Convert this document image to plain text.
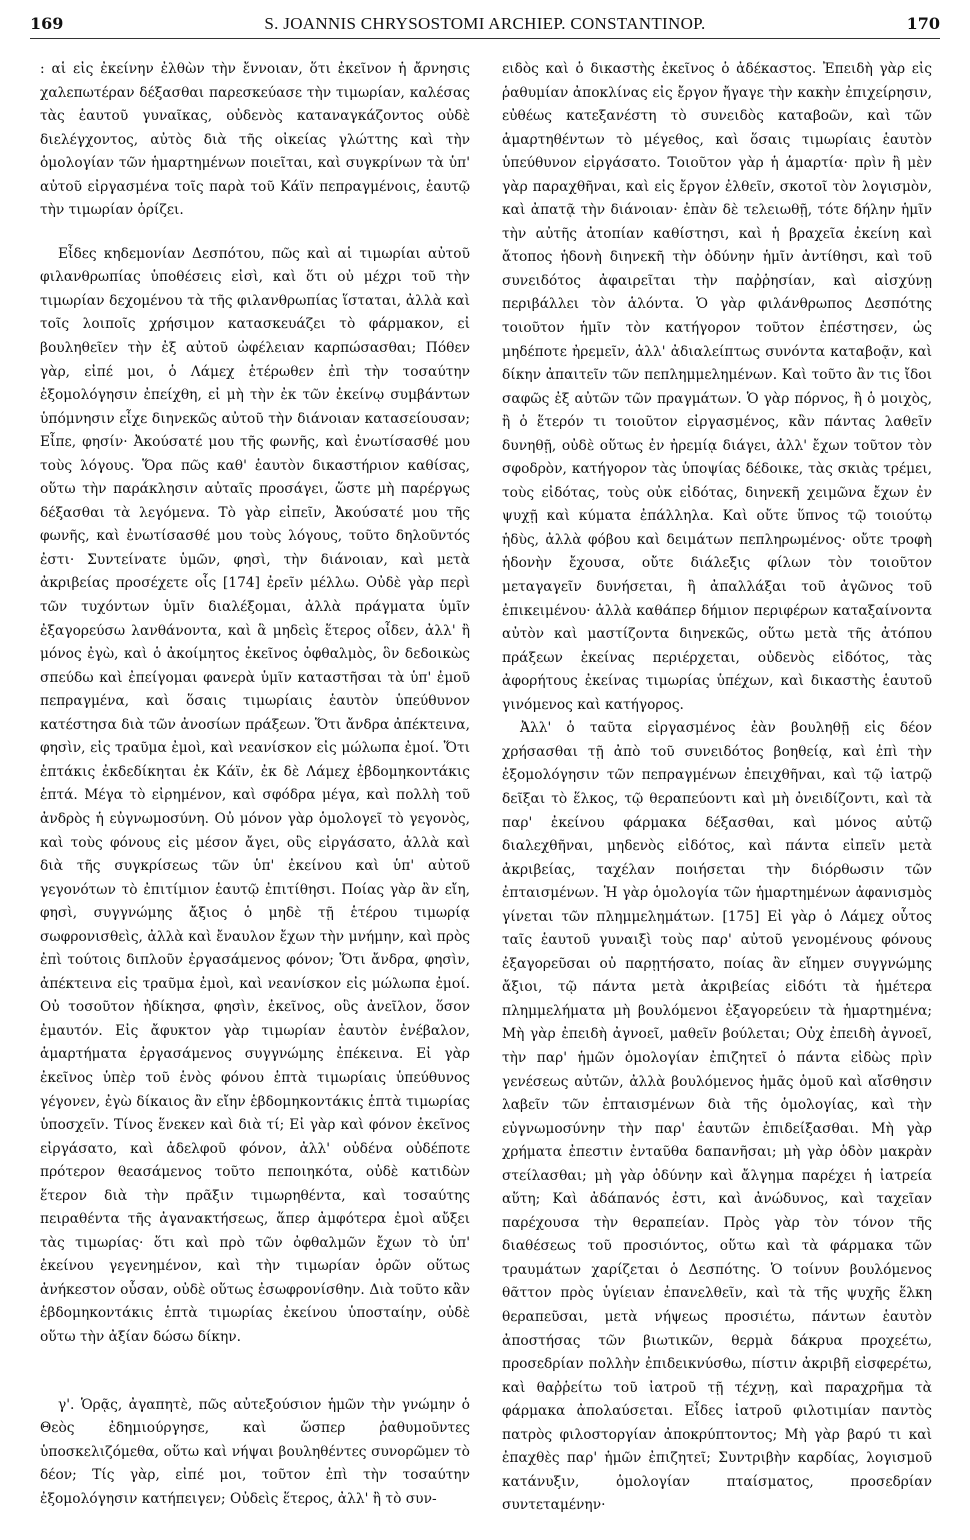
169	S. JOANNIS CHRYSOSTOMI ARCHIEP. CONSTANTINOP.	170

: αἱ εἰς ἐκείνην ἐλθὼν τὴν ἔννοιαν, ὅτι ἐκεῖνον ἡ ἄρνησις χαλεπωτέραν δέξασθαι παρεσκεύασε τὴν τιμωρίαν, καλέσας τὰς ἑαυτοῦ γυναῖκας, οὐδενὸς καταναγκάζοντος οὐδὲ διελέγχοντος, αὐτὸς διὰ τῆς οἰκείας γλώττης καὶ τὴν ὁμολογίαν τῶν ἡμαρτημένων ποιεῖται, καὶ συγκρίνων τὰ ὑπ' αὐτοῦ εἰργασμένα τοῖς παρὰ τοῦ Κάϊν πεπραγμένοις, ἑαυτῷ τὴν τιμωρίαν ὁρίζει.

Εἶδες κηδεμονίαν Δεσπότου, πῶς καὶ αἱ τιμωρίαι αὐτοῦ φιλανθρωπίας ὑποθέσεις εἰσὶ, καὶ ὅτι οὐ μέχρι τοῦ τὴν τιμωρίαν δεχομένου τὰ τῆς φιλανθρωπίας ἵσταται, ἀλλὰ καὶ τοῖς λοιποῖς χρήσιμον κατασκευάζει τὸ φάρμακον, εἰ βουληθεῖεν τὴν ἐξ αὐτοῦ ὠφέλειαν καρπώσασθαι; Πόθεν γὰρ, εἰπέ μοι, ὁ Λάμεχ ἑτέρωθεν ἐπὶ τὴν τοσαύτην ἐξομολόγησιν ἐπείχθη, εἰ μὴ τὴν ἐκ τῶν ἐκείνῳ συμβάντων ὑπόμνησιν εἶχε διηνεκῶς αὐτοῦ τὴν διάνοιαν κατασείουσαν; Εἶπε, φησίν· Ἀκούσατέ μου τῆς φωνῆς, καὶ ἐνωτίσασθέ μου τοὺς λόγους. Ὅρα πῶς καθ' ἑαυτὸν δικαστήριον καθίσας, οὕτω τὴν παράκλησιν αὐταῖς προσάγει, ὥστε μὴ παρέργως δέξασθαι τὰ λεγόμενα. Τὸ γὰρ εἰπεῖν, Ἀκούσατέ μου τῆς φωνῆς, καὶ ἐνωτίσασθέ μου τοὺς λόγους, τοῦτο δηλοῦντός ἐστι· Συντείνατε ὑμῶν, φησὶ, τὴν διάνοιαν, καὶ μετὰ ἀκριβείας προσέχετε οἷς [174] ἐρεῖν μέλλω. Οὐδὲ γὰρ περὶ τῶν τυχόντων ὑμῖν διαλέξομαι, ἀλλὰ πράγματα ὑμῖν ἐξαγορεύσω λανθάνοντα, καὶ ἃ μηδεὶς ἕτερος οἶδεν, ἀλλ' ἢ μόνος ἐγὼ, καὶ ὁ ἀκοίμητος ἐκεῖνος ὀφθαλμὸς, ὃν δεδοικὼς σπεύδω καὶ ἐπείγομαι φανερὰ ὑμῖν καταστῆσαι τὰ ὑπ' ἐμοῦ πεπραγμένα, καὶ ὅσαις τιμωρίαις ἑαυτὸν ὑπεύθυνον κατέστησα διὰ τῶν ἀνοσίων πράξεων. Ὅτι ἄνδρα ἀπέκτεινα, φησὶν, εἰς τραῦμα ἐμοὶ, καὶ νεανίσκον εἰς μώλωπα ἐμοί. Ὅτι ἑπτάκις ἐκδεδίκηται ἐκ Κάϊν, ἐκ δὲ Λάμεχ ἑβδομηκοντάκις ἑπτά. Μέγα τὸ εἰρημένον, καὶ σφόδρα μέγα, καὶ πολλὴ τοῦ ἀνδρὸς ἡ εὐγνωμοσύνη. Οὐ μόνον γὰρ ὁμολογεῖ τὸ γεγονὸς, καὶ τοὺς φόνους εἰς μέσον ἄγει, οὓς εἰργάσατο, ἀλλὰ καὶ διὰ τῆς συγκρίσεως τῶν ὑπ' ἐκείνου καὶ ὑπ' αὐτοῦ γεγονότων τὸ ἐπιτίμιον ἑαυτῷ ἐπιτίθησι. Ποίας γὰρ ἂν εἴη, φησὶ, συγγνώμης ἄξιος ὁ μηδὲ τῇ ἑτέρου τιμωρίᾳ σωφρονισθεὶς, ἀλλὰ καὶ ἔναυλον ἔχων τὴν μνήμην, καὶ πρὸς ἐπὶ τούτοις διπλοῦν ἐργασάμενος φόνον; Ὅτι ἄνδρα, φησὶν, ἀπέκτεινα εἰς τραῦμα ἐμοὶ, καὶ νεανίσκον εἰς μώλωπα ἐμοί. Οὐ τοσοῦτον ἠδίκησα, φησὶν, ἐκεῖνος, οὓς ἀνεῖλον, ὅσον ἐμαυτόν. Εἰς ἄφυκτον γὰρ τιμωρίαν ἐαυτὸν ἐνέβαλον, ἁμαρτήματα ἐργασάμενος συγγνώμης ἐπέκεινα. Εἰ γὰρ ἐκεῖνος ὑπὲρ τοῦ ἑνὸς φόνου ἑπτὰ τιμωρίαις ὑπεύθυνος γέγονεν, ἐγὼ δίκαιος ἂν εἴην ἑβδομηκοντάκις ἑπτὰ τιμωρίας ὑποσχεῖν. Τίνος ἕνεκεν καὶ διὰ τί; Εἰ γὰρ καὶ φόνον ἐκεῖνος εἰργάσατο, καὶ ἀδελφοῦ φόνον, ἀλλ' οὐδένα οὐδέποτε πρότερον θεασάμενος τοῦτο πεποιηκότα, οὐδὲ κατιδὼν ἕτερον διὰ τὴν πρᾶξιν τιμωρηθέντα, καὶ τοσαύτης πειραθέντα τῆς ἀγανακτήσεως, ἅπερ ἀμφότερα ἐμοὶ αὔξει τὰς τιμωρίας· ὅτι καὶ πρὸ τῶν ὀφθαλμῶν ἔχων τὸ ὑπ' ἐκείνου γεγενημένον, καὶ τὴν τιμωρίαν ὁρῶν οὕτως ἀνήκεστον οὖσαν, οὐδὲ οὕτως ἐσωφρονίσθην. Διὰ τοῦτο κἂν ἑβδομηκοντάκις ἑπτὰ τιμωρίας ἐκείνου ὑποσταίην, οὐδὲ οὕτω τὴν ἀξίαν δώσω δίκην.

γ'. Ὁρᾷς, ἀγαπητὲ, πῶς αὐτεξούσιον ἡμῶν τὴν γνώμην ὁ Θεὸς ἐδημιούργησε, καὶ ὥσπερ ῥαθυμοῦντες ὑποσκελιζόμεθα, οὕτω καὶ νήψαι βουληθέντες συνορῶμεν τὸ δέον; Τίς γὰρ, εἰπέ μοι, τοῦτον ἐπὶ τὴν τοσαύτην ἐξομολόγησιν κατήπειγεν; Οὐδεὶς ἕτερος, ἀλλ' ἢ τὸ συν-

ειδὸς καὶ ὁ δικαστὴς ἐκεῖνος ὁ ἀδέκαστος. Ἐπειδὴ γὰρ εἰς ῥαθυμίαν ἀποκλίνας εἰς ἔργον ἤγαγε τὴν κακὴν ἐπιχείρησιν, εὐθέως κατεξανέστη τὸ συνειδὸς καταβοῶν, καὶ τῶν ἁμαρτηθέντων τὸ μέγεθος, καὶ ὅσαις τιμωρίαις ἑαυτὸν ὑπεύθυνον εἰργάσατο. Τοιοῦτον γὰρ ἡ ἁμαρτία· πρὶν ἢ μὲν γὰρ παραχθῆναι, καὶ εἰς ἔργον ἐλθεῖν, σκοτοῖ τὸν λογισμὸν, καὶ ἀπατᾷ τὴν διάνοιαν· ἐπὰν δὲ τελειωθῇ, τότε δήλην ἡμῖν τὴν αὐτῆς ἀτοπίαν καθίστησι, καὶ ἡ βραχεῖα ἐκείνη καὶ ἄτοπος ἡδονὴ διηνεκῆ τὴν ὀδύνην ἡμῖν ἀντίθησι, καὶ τοῦ συνειδότος ἀφαιρεῖται τὴν παῤῥησίαν, καὶ αἰσχύνῃ περιβάλλει τὸν ἁλόντα. Ὁ γὰρ φιλάνθρωπος Δεσπότης τοιοῦτον ἡμῖν τὸν κατήγορον τοῦτον ἐπέστησεν, ὡς μηδέποτε ἠρεμεῖν, ἀλλ' ἀδιαλείπτως συνόντα καταβοᾷν, καὶ δίκην ἀπαιτεῖν τῶν πεπλημμελημένων. Καὶ τοῦτο ἂν τις ἴδοι σαφῶς ἐξ αὐτῶν τῶν πραγμάτων. Ὁ γὰρ πόρνος, ἢ ὁ μοιχὸς, ἢ ὁ ἕτερόν τι τοιοῦτον εἰργασμένος, κἂν πάντας λαθεῖν δυνηθῇ, οὐδὲ οὕτως ἐν ἠρεμίᾳ διάγει, ἀλλ' ἔχων τοῦτον τὸν σφοδρὸν, κατήγορον τὰς ὑποψίας δέδοικε, τὰς σκιὰς τρέμει, τοὺς εἰδότας, τοὺς οὐκ εἰδότας, διηνεκῆ χειμῶνα ἔχων ἐν ψυχῇ καὶ κύματα ἐπάλληλα. Καὶ οὔτε ὕπνος τῷ τοιούτῳ ἡδὺς, ἀλλὰ φόβου καὶ δειμάτων πεπληρωμένος· οὔτε τροφὴ ἡδονὴν ἔχουσα, οὔτε διάλεξις φίλων τὸν τοιοῦτον μεταγαγεῖν δυνήσεται, ἢ ἀπαλλάξαι τοῦ ἀγῶνος τοῦ ἐπικειμένου· ἀλλὰ καθάπερ δήμιον περιφέρων καταξαίνοντα αὐτὸν καὶ μαστίζοντα διηνεκῶς, οὕτω μετὰ τῆς ἀτόπου πράξεων ἐκείνας περιέρχεται, οὐδενὸς εἰδότος, τὰς ἀφορήτους ἐκείνας τιμωρίας ὑπέχων, καὶ δικαστὴς ἑαυτοῦ γινόμενος καὶ κατήγορος.

Ἀλλ' ὁ ταῦτα εἰργασμένος ἐὰν βουληθῇ εἰς δέον χρήσασθαι τῇ ἀπὸ τοῦ συνειδότος βοηθείᾳ, καὶ ἐπὶ τὴν ἐξομολόγησιν τῶν πεπραγμένων ἐπειχθῆναι, καὶ τῷ ἰατρῷ δεῖξαι τὸ ἕλκος, τῷ θεραπεύοντι καὶ μὴ ὀνειδίζοντι, καὶ τὰ παρ' ἐκείνου φάρμακα δέξασθαι, καὶ μόνος αὐτῷ διαλεχθῆναι, μηδενὸς εἰδότος, καὶ πάντα εἰπεῖν μετὰ ἀκριβείας, ταχέλαν ποιήσεται τὴν διόρθωσιν τῶν ἐπταισμένων. Ἡ γὰρ ὁμολογία τῶν ἡμαρτημένων ἀφανισμὸς γίνεται τῶν πλημμελημάτων. [175] Εἰ γὰρ ὁ Λάμεχ οὗτος ταῖς ἑαυτοῦ γυναιξὶ τοὺς παρ' αὐτοῦ γενομένους φόνους ἐξαγορεῦσαι οὐ παρῃτήσατο, ποίας ἂν εἴημεν συγγνώμης ἄξιοι, τῷ πάντα μετὰ ἀκριβείας εἰδότι τὰ ἡμέτερα πλημμελήματα μὴ βουλόμενοι ἐξαγορεύειν τὰ ἡμαρτημένα; Μὴ γὰρ ἐπειδὴ ἀγνοεῖ, μαθεῖν βούλεται; Οὐχ ἐπειδὴ ἀγνοεῖ, τὴν παρ' ἡμῶν ὁμολογίαν ἐπιζητεῖ ὁ πάντα εἰδὼς πρὶν γενέσεως αὐτῶν, ἀλλὰ βουλόμενος ἡμᾶς ὁμοῦ καὶ αἴσθησιν λαβεῖν τῶν ἐπταισμένων διὰ τῆς ὁμολογίας, καὶ τὴν εὐγνωμοσύνην τὴν παρ' ἑαυτῶν ἐπιδείξασθαι. Μὴ γὰρ χρήματα ἐπεστιν ἐνταῦθα δαπανῆσαι; μὴ γὰρ ὁδὸν μακρὰν στείλασθαι; μὴ γὰρ ὀδύνην καὶ ἄλγημα παρέχει ἡ ἰατρεία αὕτη; Καὶ ἀδάπανός ἐστι, καὶ ἀνώδυνος, καὶ ταχεῖαν παρέχουσα τὴν θεραπείαν. Πρὸς γὰρ τὸν τόνον τῆς διαθέσεως τοῦ προσιόντος, οὕτω καὶ τὰ φάρμακα τῶν τραυμάτων χαρίζεται ὁ Δεσπότης. Ὁ τοίνυν βουλόμενος θᾶττον πρὸς ὑγίειαν ἐπανελθεῖν, καὶ τὰ τῆς ψυχῆς ἕλκη θεραπεῦσαι, μετὰ νήψεως προσιέτω, πάντων ἑαυτὸν ἀποστήσας τῶν βιωτικῶν, θερμὰ δάκρυα προχεέτω, προσεδρίαν πολλὴν ἐπιδεικνύσθω, πίστιν ἀκριβῆ εἰσφερέτω, καὶ θαῤῥείτω τοῦ ἰατροῦ τῇ τέχνῃ, καὶ παραχρῆμα τὰ φάρμακα ἀπολαύσεται. Εἶδες ἰατροῦ φιλοτιμίαν παντὸς πατρὸς φιλοστοργίαν ἀποκρύπτοντος; Μὴ γὰρ βαρύ τι καὶ ἐπαχθὲς παρ' ἡμῶν ἐπιζητεῖ; Συντριβὴν καρδίας, λογισμοῦ κατάνυξιν, ὁμολογίαν πταίσματος, προσεδρίαν συντεταμένην·
